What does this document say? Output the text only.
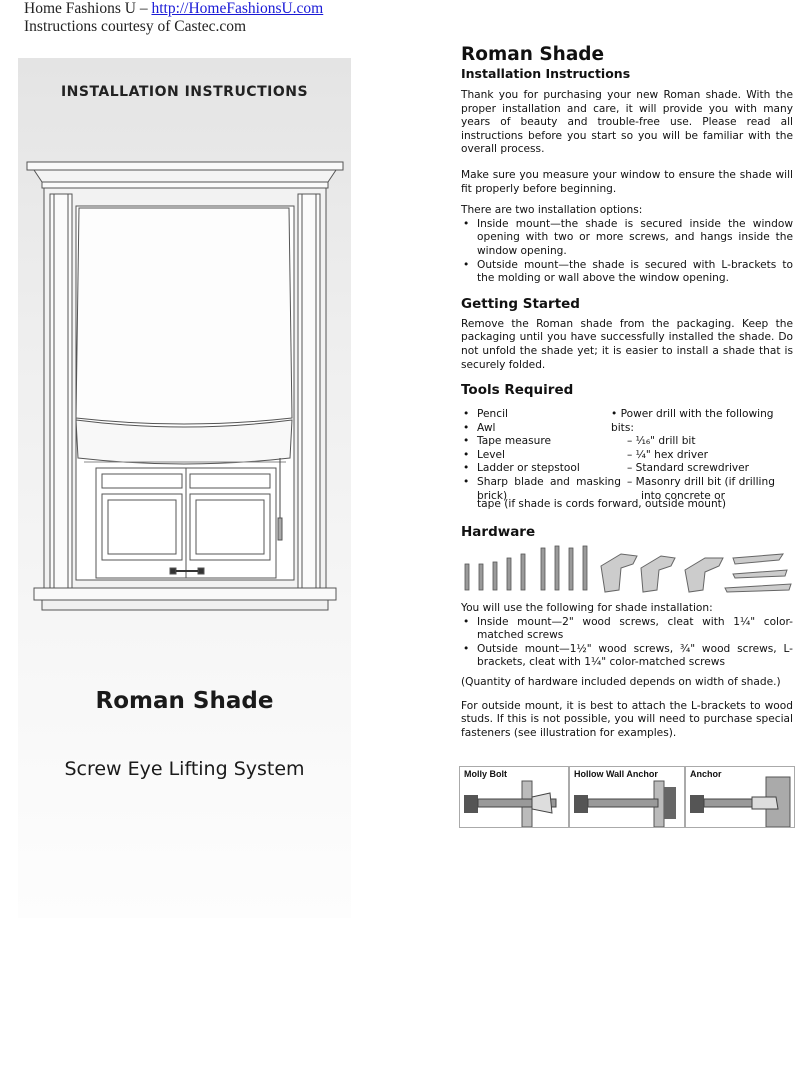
Home Fashions U – http://HomeFashionsU.com
Instructions courtesy of Castec.com
INSTALLATION INSTRUCTIONS
Roman Shade
Screw Eye Lifting System
Roman Shade
Installation Instructions

Thank you for purchasing your new Roman shade. With the proper installation and care, it will provide you with many years of beauty and trouble-free use. Please read all instructions before you start so you will be familiar with the overall process.

Make sure you measure your window to ensure the shade will fit properly before beginning.

There are two installation options:

• Inside mount—the shade is secured inside the window opening with two or more screws, and hangs inside the window opening.
• Outside mount—the shade is secured with L-brackets to the molding or wall above the window opening.
Getting Started

Remove the Roman shade from the packaging. Keep the packaging until you have successfully installed the shade. Do not unfold the shade yet; it is easier to install a shade that is securely folded.

Tools Required
• Pencil
• Awl
• Tape measure
• Level
• Ladder or stepstool
• Sharp blade and masking brick)
• Power drill with the following bits:
– ¹⁄₁₆" drill bit
– ¼" hex driver
– Standard screwdriver
– Masonry drill bit (if drilling
into concrete or
tape (if shade is cords forward, outside mount)
Hardware

You will use the following for shade installation:

• Inside mount—2" wood screws, cleat with 1¼" color-matched screws
• Outside mount—1½" wood screws, ¾" wood screws, L-brackets, cleat with 1¼" color-matched screws

(Quantity of hardware included depends on width of shade.)

For outside mount, it is best to attach the L-brackets to wood studs. If this is not possible, you will need to purchase special fasteners (see illustration for examples).

Molly Bolt	Hollow Wall Anchor	Anchor
